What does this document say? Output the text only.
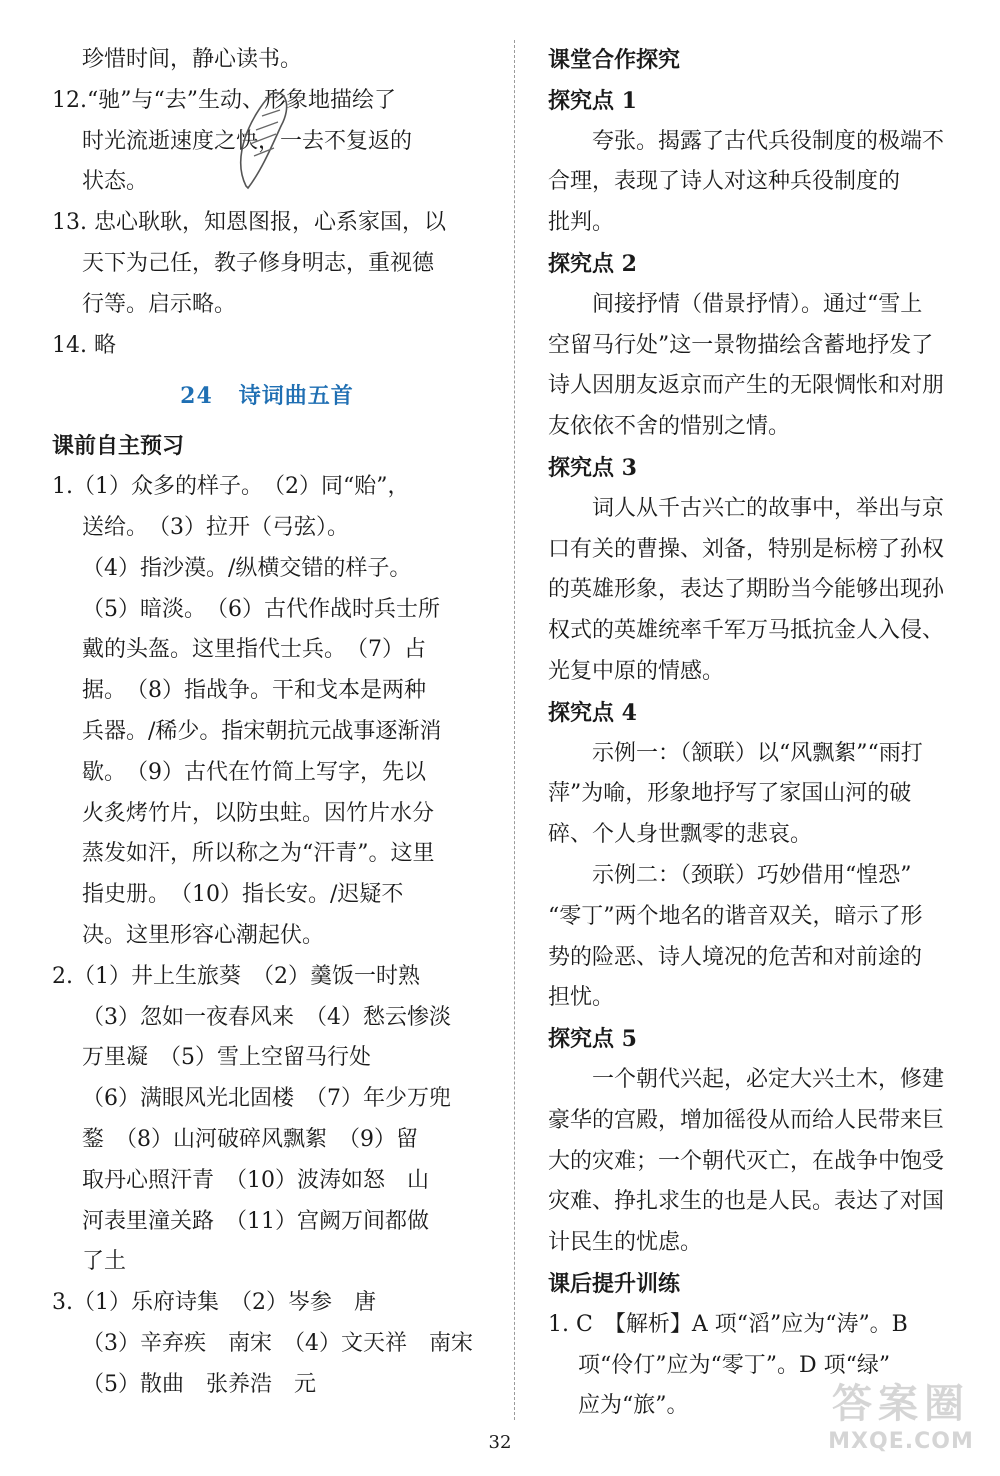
珍惜时间，静心读书。
12.“驰”与“去”生动、形象地描绘了
时光流逝速度之快，一去不复返的
状态。
13. 忠心耿耿，知恩图报，心系家国，以
天下为己任，教子修身明志，重视德
行等。启示略。
14. 略
24 诗词曲五首
课前自主预习
1.（1）众多的样子。　（2）同“贻”，
送给。　（3）拉开（弓弦）。
（4）指沙漠。/纵横交错的样子。
（5）暗淡。　（6）古代作战时兵士所
戴的头盔。这里指代士兵。　（7）占
据。　（8）指战争。干和戈本是两种
兵器。/稀少。指宋朝抗元战事逐渐消
歇。　（9）古代在竹简上写字，先以
火炙烤竹片，以防虫蛀。因竹片水分
蒸发如汗，所以称之为“汗青”。这里
指史册。　（10）指长安。/迟疑不
决。这里形容心潮起伏。
2.（1）井上生旅葵　（2）羹饭一时熟
（3）忽如一夜春风来　（4）愁云惨淡
万里凝　（5）雪上空留马行处
（6）满眼风光北固楼　（7）年少万兜
鍪　（8）山河破碎风飘絮　（9）留
取丹心照汗青　（10）波涛如怒　山
河表里潼关路　（11）宫阙万间都做
了土
3.（1）乐府诗集　（2）岑参　唐
（3）辛弃疾　南宋　（4）文天祥　南宋
（5）散曲　张养浩　元
课堂合作探究
探究点 1
夸张。揭露了古代兵役制度的极端不
合理，表现了诗人对这种兵役制度的
批判。
探究点 2
间接抒情（借景抒情）。通过“雪上
空留马行处”这一景物描绘含蓄地抒发了
诗人因朋友返京而产生的无限惆怅和对朋
友依依不舍的惜别之情。
探究点 3
词人从千古兴亡的故事中，举出与京
口有关的曹操、刘备，特别是标榜了孙权
的英雄形象，表达了期盼当今能够出现孙
权式的英雄统率千军万马抵抗金人入侵、
光复中原的情感。
探究点 4
示例一：（颔联）以“风飘絮”“雨打
萍”为喻，形象地抒写了家国山河的破
碎、个人身世飘零的悲哀。
示例二：（颈联）巧妙借用“惶恐”
“零丁”两个地名的谐音双关，暗示了形
势的险恶、诗人境况的危苦和对前途的
担忧。
探究点 5
一个朝代兴起，必定大兴土木，修建
豪华的宫殿，增加徭役从而给人民带来巨
大的灾难；一个朝代灭亡，在战争中饱受
灾难、挣扎求生的也是人民。表达了对国
计民生的忧虑。
课后提升训练
1. C　【解析】A 项“滔”应为“涛”。B
项“伶仃”应为“零丁”。D 项“绿”
应为“旅”。
32
答案圈
MXQE.COM
